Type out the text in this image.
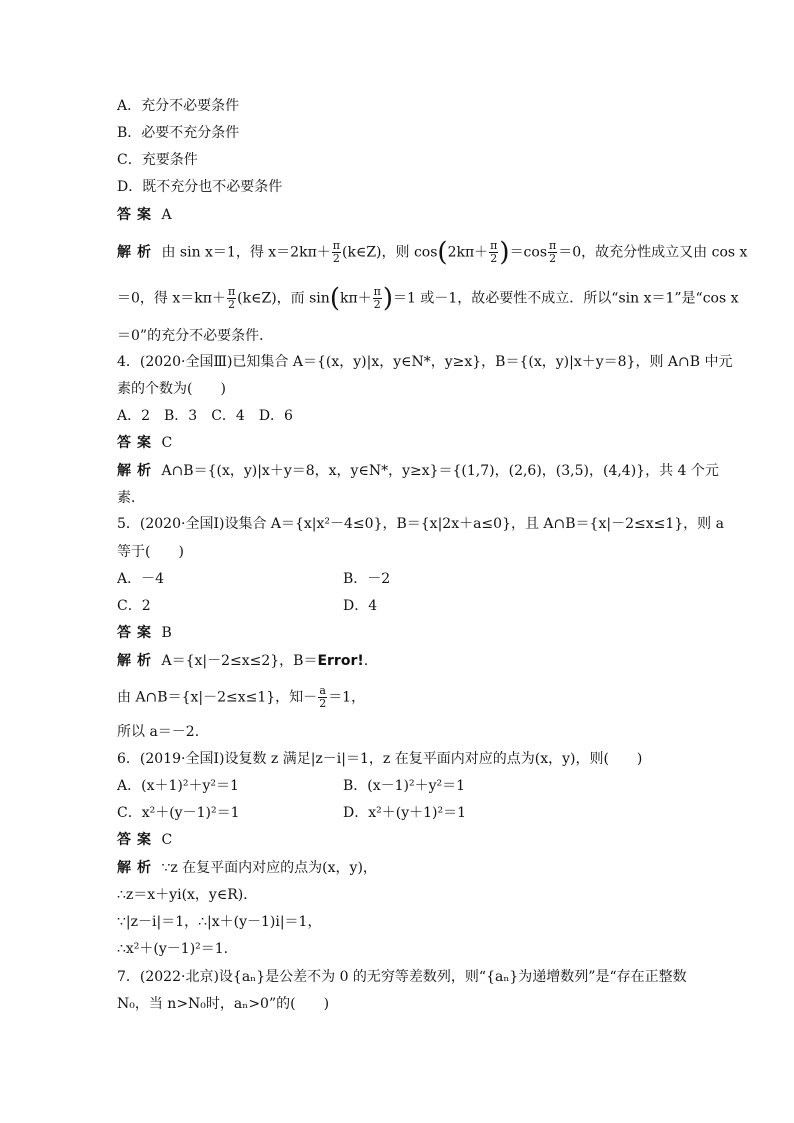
A．充分不必要条件
B．必要不充分条件
C．充要条件
D．既不充分也不必要条件
答案 A
解析 由 sin x＝1，得 $x=2k\pi+ \frac{\pi}{2}$ (k∈Z)，则 $\cos(2k\pi+ \frac{\pi}{2} )=\cos \frac{\pi}{2} =0$，故充分性成立又由 cos x
＝0，得 $x=k\pi+ \frac{\pi}{2}$ (k∈Z)，而 $\sin(k\pi+ \frac{\pi}{2} )=1$ 或－1，故必要性不成立．所以“sin x＝1”是“cos x
＝0”的充分不必要条件．
4．(2020·全国Ⅲ)已知集合 A＝{(x，y)|x，y∈N*，y≥x}，B＝{(x，y)|x＋y＝8}，则 A∩B 中元
素的个数为(　　)
A．2　B．3　C．4　D．6
答案 C
解析 A∩B＝{(x，y)|x＋y＝8，x，y∈N*，y≥x}＝{(1,7)，(2,6)，(3,5)，(4,4)}，共 4 个元
素．
5．(2020·全国Ⅰ)设集合 A＝{x|x²－4≤0}，B＝{x|2x＋a≤0}，且 A∩B＝{x|－2≤x≤1}，则 a
等于(　　)
A．－4	B．－2
C．2	D．4
答案 B
解析 A＝{x|－2≤x≤2}，B＝Error!.
由 A∩B＝{x|－2≤x≤1}，知－ $\frac{a}{2} =1$，
所以 a＝－2.
6．(2019·全国Ⅰ)设复数 z 满足|z－i|＝1，z 在复平面内对应的点为(x，y)，则(　　)
A．(x＋1)²＋y²＝1	B．(x－1)²＋y²＝1
C．x²＋(y－1)²＝1	D．x²＋(y＋1)²＝1
答案 C
解析 ∵z 在复平面内对应的点为(x，y)，
∴z＝x＋yi(x，y∈R)．
∵|z－i|＝1，∴|x＋(y－1)i|＝1，
∴x²＋(y－1)²＝1.
7．(2022·北京)设{aₙ}是公差不为 0 的无穷等差数列，则“{aₙ}为递增数列”是“存在正整数
N₀，当 n>N₀时，aₙ>0”的(　　)
